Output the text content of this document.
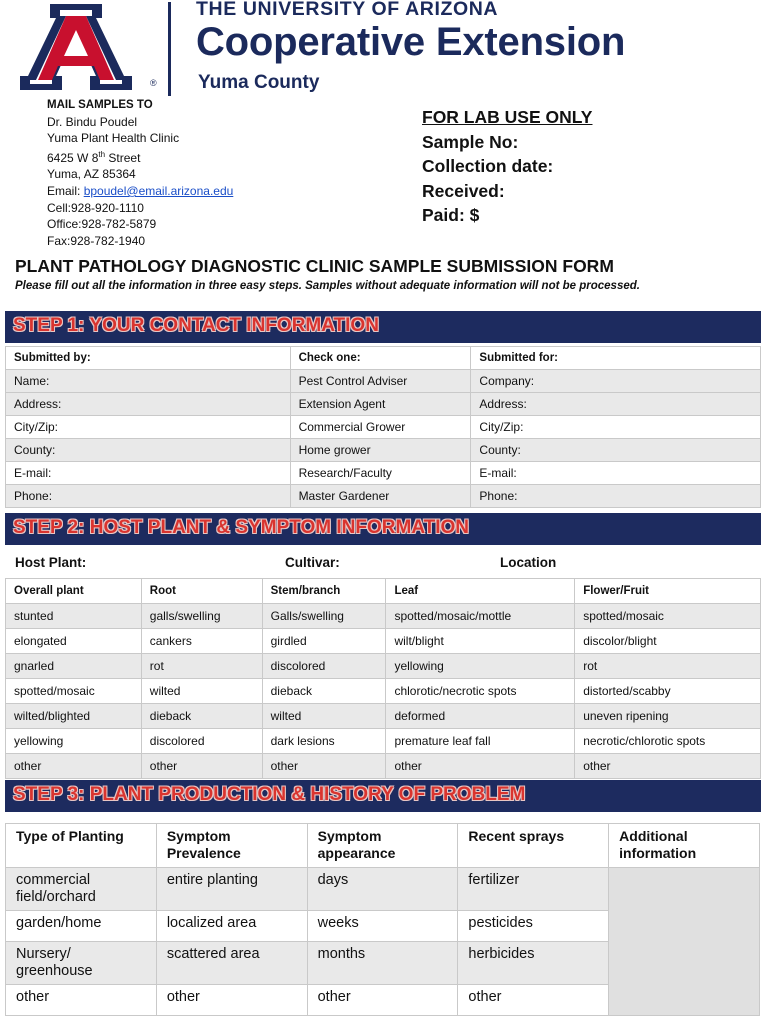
®
THE UNIVERSITY OF ARIZONA
Cooperative Extension
Yuma County
MAIL SAMPLES TO
Dr. Bindu Poudel
Yuma Plant Health Clinic
6425 W 8th Street
Yuma, AZ 85364
Email: bpoudel@email.arizona.edu
Cell:928-920-1110
Office:928-782-5879
Fax:928-782-1940
FOR LAB USE ONLY
Sample No:
Collection date:
Received:
Paid: $
PLANT PATHOLOGY DIAGNOSTIC CLINIC SAMPLE SUBMISSION FORM
Please fill out all the information in three easy steps. Samples without adequate information will not be processed.
STEP 1: YOUR CONTACT INFORMATION
Submitted by:	Check one:	Submitted for:
Name:	Pest Control Adviser	Company:
Address:	Extension Agent	Address:
City/Zip:	Commercial Grower	City/Zip:
County:	Home grower	County:
E-mail:	Research/Faculty	E-mail:
Phone:	Master Gardener	Phone:
STEP 2: HOST PLANT & SYMPTOM INFORMATION
Host Plant:	Cultivar:	Location
Overall plant	Root	Stem/branch	Leaf	Flower/Fruit
stunted	galls/swelling	Galls/swelling	spotted/mosaic/mottle	spotted/mosaic
elongated	cankers	girdled	wilt/blight	discolor/blight
gnarled	rot	discolored	yellowing	rot
spotted/mosaic	wilted	dieback	chlorotic/necrotic spots	distorted/scabby
wilted/blighted	dieback	wilted	deformed	uneven ripening
yellowing	discolored	dark lesions	premature leaf fall	necrotic/chlorotic spots
other	other	other	other	other
STEP 3: PLANT PRODUCTION & HISTORY OF PROBLEM
Type of Planting	Symptom Prevalence	Symptom appearance	Recent sprays	Additional information
commercial field/orchard	entire planting	days	fertilizer	
garden/home	localized area	weeks	pesticides	
Nursery/ greenhouse	scattered area	months	herbicides	
other	other	other	other	
